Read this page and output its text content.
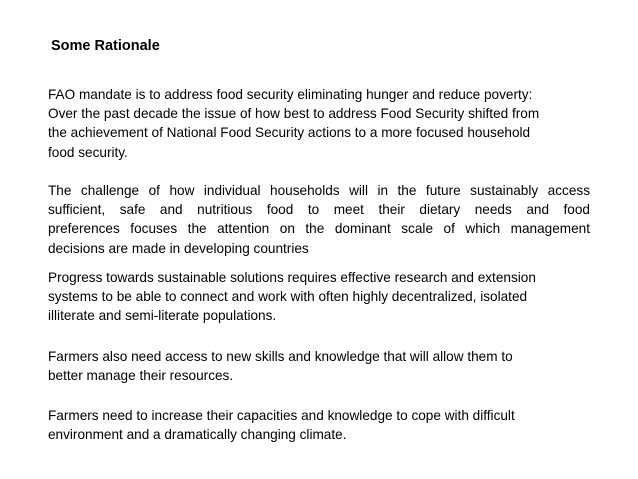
Some Rationale
FAO mandate is to address food security eliminating hunger and reduce poverty:
Over the past decade the issue of how best to address Food Security shifted from
the achievement of National Food Security actions to a more focused household
food security.
The challenge of how individual households will in the future sustainably access
sufficient, safe and nutritious food to meet their dietary needs and food
preferences focuses the attention on the dominant scale of which management
decisions are made in developing countries
Progress towards sustainable solutions requires effective research and extension
systems to be able to connect and work with often highly decentralized, isolated
illiterate and semi-literate populations.
Farmers also need access to new skills and knowledge that will allow them to
better manage their resources.
Farmers need to increase their capacities and knowledge to cope with difficult
environment and a dramatically changing climate.
